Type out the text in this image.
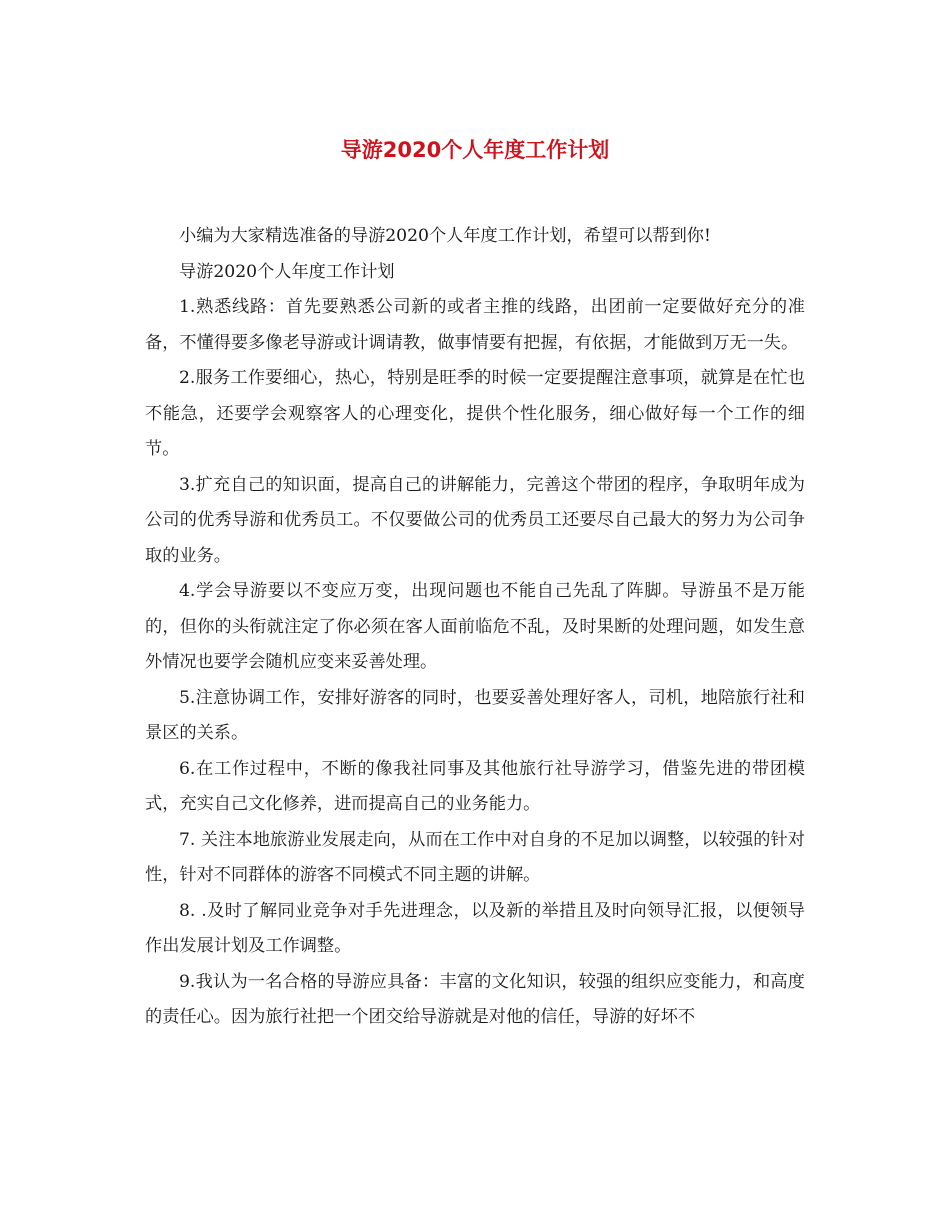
导游2020个人年度工作计划

小编为大家精选准备的导游2020个人年度工作计划，希望可以帮到你!

导游2020个人年度工作计划

1.熟悉线路：首先要熟悉公司新的或者主推的线路，出团前一定要做好充分的准备，不懂得要多像老导游或计调请教，做事情要有把握，有依据，才能做到万无一失。

2.服务工作要细心，热心，特别是旺季的时候一定要提醒注意事项，就算是在忙也不能急，还要学会观察客人的心理变化，提供个性化服务，细心做好每一个工作的细节。

3.扩充自己的知识面，提高自己的讲解能力，完善这个带团的程序，争取明年成为公司的优秀导游和优秀员工。不仅要做公司的优秀员工还要尽自己最大的努力为公司争取的业务。

4.学会导游要以不变应万变，出现问题也不能自己先乱了阵脚。导游虽不是万能的，但你的头衔就注定了你必须在客人面前临危不乱，及时果断的处理问题，如发生意外情况也要学会随机应变来妥善处理。

5.注意协调工作，安排好游客的同时，也要妥善处理好客人，司机，地陪旅行社和景区的关系。

6.在工作过程中，不断的像我社同事及其他旅行社导游学习，借鉴先进的带团模式，充实自己文化修养，进而提高自己的业务能力。

7. 关注本地旅游业发展走向，从而在工作中对自身的不足加以调整，以较强的针对性，针对不同群体的游客不同模式不同主题的讲解。

8. .及时了解同业竞争对手先进理念，以及新的举措且及时向领导汇报，以便领导作出发展计划及工作调整。

9.我认为一名合格的导游应具备：丰富的文化知识，较强的组织应变能力，和高度的责任心。因为旅行社把一个团交给导游就是对他的信任，导游的好坏不
